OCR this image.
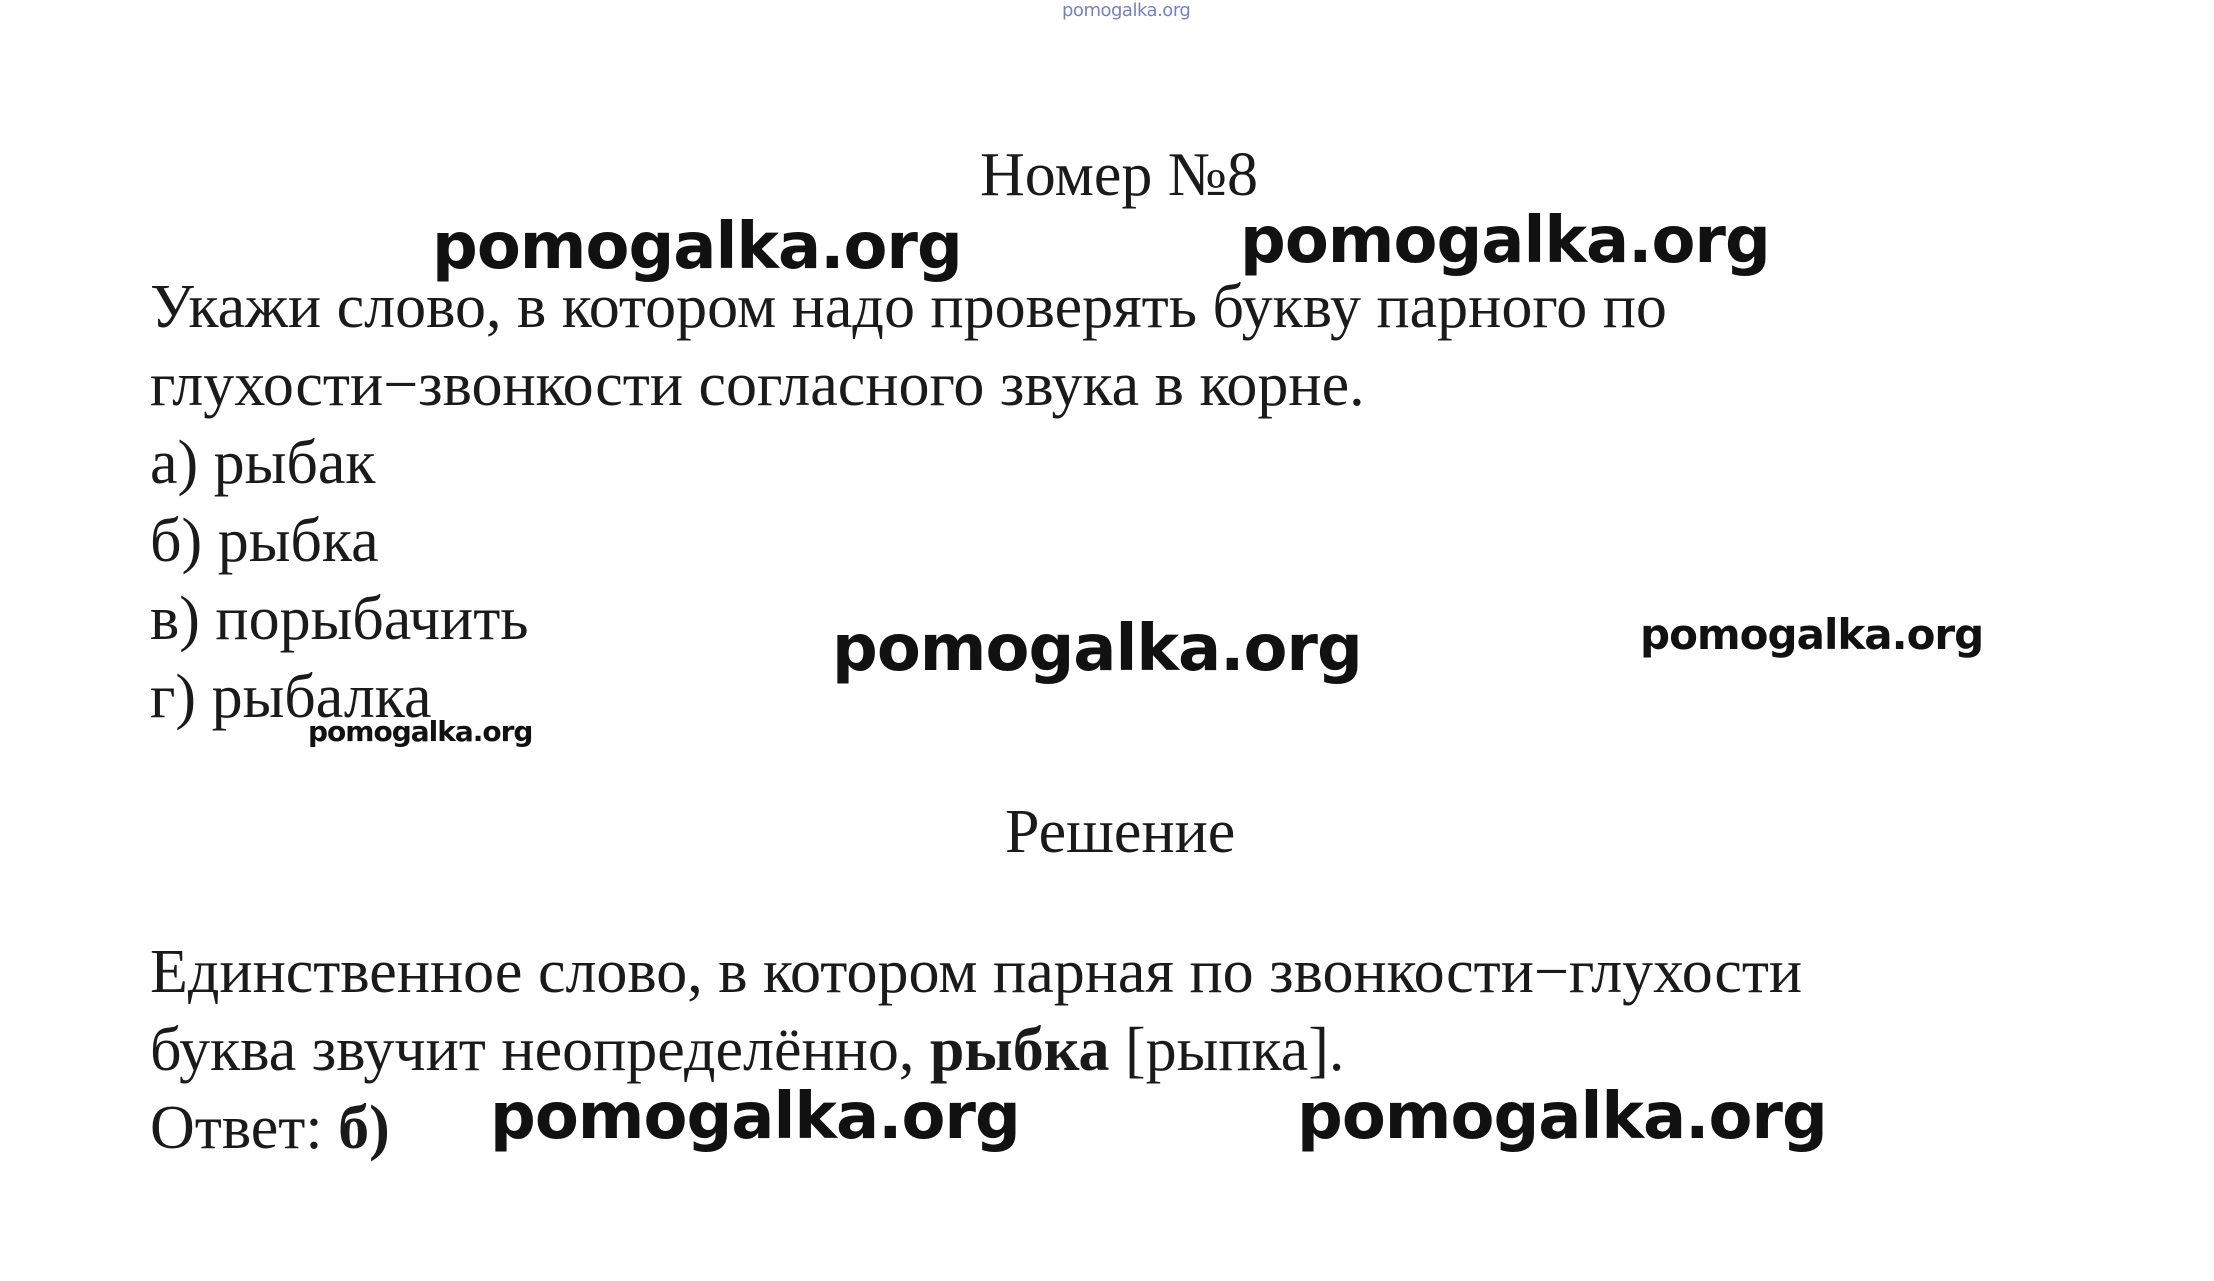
pomogalka.org
Номер №8
Укажи слово, в котором надо проверять букву парного по
глухости−звонкости согласного звука в корне.
а) рыбак
б) рыбка
в) порыбачить
г) рыбалка
Решение
Единственное слово, в котором парная по звонкости−глухости
буква звучит неопределённо, рыбка [рыпка].
Ответ: б)
pomogalka.org	pomogalka.org
pomogalka.org	pomogalka.org
pomogalka.org
pomogalka.org	pomogalka.org
